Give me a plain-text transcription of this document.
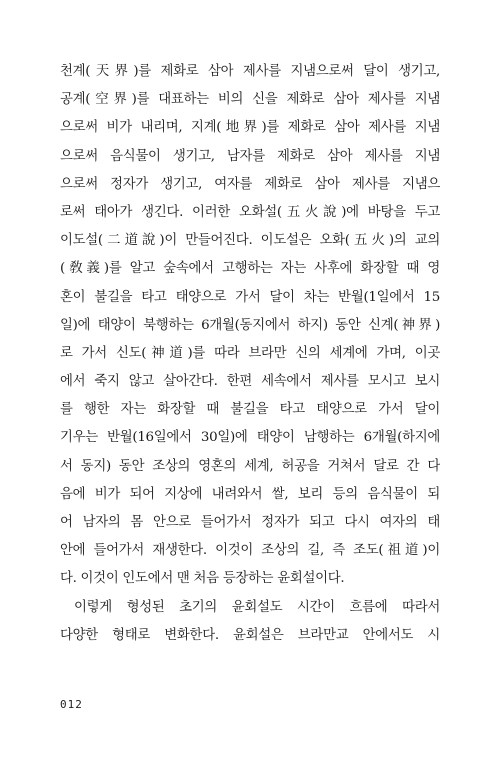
천계(天界)를 제화로 삼아 제사를 지냄으로써 달이 생기고,
공계(空界)를 대표하는 비의 신을 제화로 삼아 제사를 지냄
으로써 비가 내리며, 지계(地界)를 제화로 삼아 제사를 지냄
으로써 음식물이 생기고, 남자를 제화로 삼아 제사를 지냄
으로써 정자가 생기고, 여자를 제화로 삼아 제사를 지냄으
로써 태아가 생긴다. 이러한 오화설(五火說)에 바탕을 두고
이도설(二道說)이 만들어진다. 이도설은 오화(五火)의 교의
(敎義)를 알고 숲속에서 고행하는 자는 사후에 화장할 때 영
혼이 불길을 타고 태양으로 가서 달이 차는 반월(1일에서 15
일)에 태양이 북행하는 6개월(동지에서 하지) 동안 신계(神界)
로 가서 신도(神道)를 따라 브라만 신의 세계에 가며, 이곳
에서 죽지 않고 살아간다. 한편 세속에서 제사를 모시고 보시
를 행한 자는 화장할 때 불길을 타고 태양으로 가서 달이
기우는 반월(16일에서 30일)에 태양이 남행하는 6개월(하지에
서 동지) 동안 조상의 영혼의 세계, 허공을 거쳐서 달로 간 다
음에 비가 되어 지상에 내려와서 쌀, 보리 등의 음식물이 되
어 남자의 몸 안으로 들어가서 정자가 되고 다시 여자의 태
안에 들어가서 재생한다. 이것이 조상의 길, 즉 조도(祖道)이
다. 이것이 인도에서 맨 처음 등장하는 윤회설이다.
이렇게 형성된 초기의 윤회설도 시간이 흐름에 따라서
다양한 형태로 변화한다. 윤회설은 브라만교 안에서도 시
012
